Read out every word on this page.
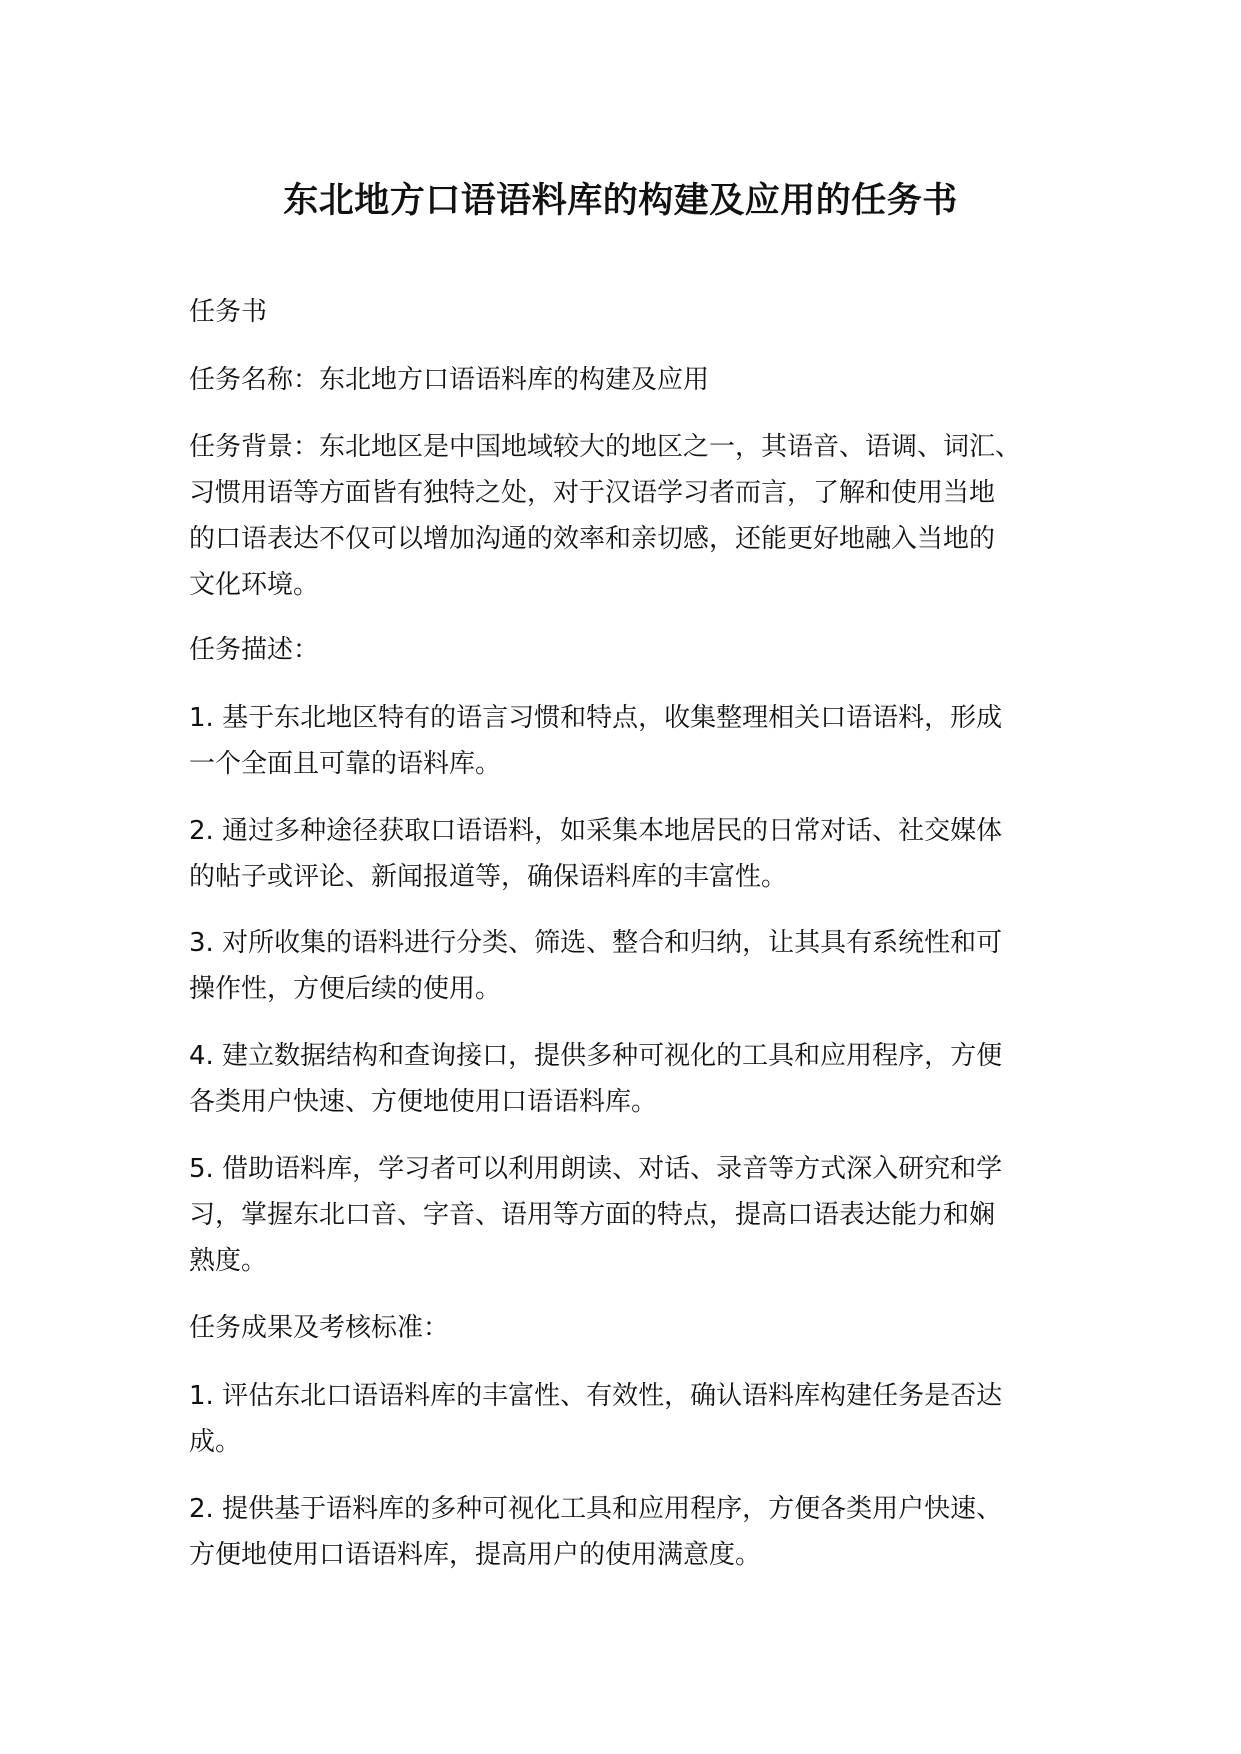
东北地方口语语料库的构建及应用的任务书

任务书

任务名称：东北地方口语语料库的构建及应用

任务背景：东北地区是中国地域较大的地区之一，其语音、语调、词汇、
习惯用语等方面皆有独特之处，对于汉语学习者而言，了解和使用当地
的口语表达不仅可以增加沟通的效率和亲切感，还能更好地融入当地的
文化环境。

任务描述：

1. 基于东北地区特有的语言习惯和特点，收集整理相关口语语料，形成
一个全面且可靠的语料库。

2. 通过多种途径获取口语语料，如采集本地居民的日常对话、社交媒体
的帖子或评论、新闻报道等，确保语料库的丰富性。

3. 对所收集的语料进行分类、筛选、整合和归纳，让其具有系统性和可
操作性，方便后续的使用。

4. 建立数据结构和查询接口，提供多种可视化的工具和应用程序，方便
各类用户快速、方便地使用口语语料库。

5. 借助语料库，学习者可以利用朗读、对话、录音等方式深入研究和学
习，掌握东北口音、字音、语用等方面的特点，提高口语表达能力和娴
熟度。

任务成果及考核标准：

1. 评估东北口语语料库的丰富性、有效性，确认语料库构建任务是否达
成。

2. 提供基于语料库的多种可视化工具和应用程序，方便各类用户快速、
方便地使用口语语料库，提高用户的使用满意度。
